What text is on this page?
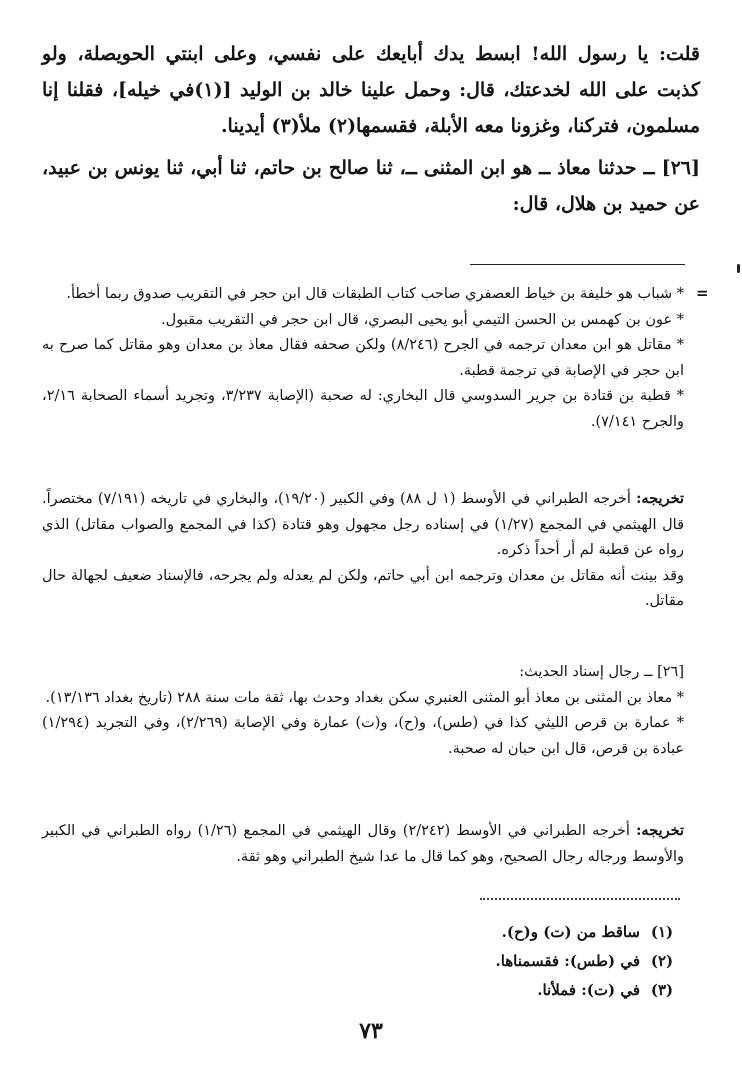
قلت: يا رسول الله! ابسط يدك أبايعك على نفسي، وعلى ابنتي الحويصلة، ولو كذبت على الله لخدعتك، قال: وحمل علينا خالد بن الوليد [(١)في خيله]، فقلنا إنا مسلمون، فتركنا، وغزونا معه الأبلة، فقسمها(٢) ملأ(٣) أيدينا.

[٢٦] ــ حدثنا معاذ ــ هو ابن المثنى ــ، ثنا صالح بن حاتم، ثنا أبي، ثنا يونس بن عبيد، عن حميد بن هلال، قال:

=

* شباب هو خليفة بن خياط العصفري صاحب كتاب الطبقات قال ابن حجر في التقريب صدوق ربما أخطأ.

* عون بن كهمس بن الحسن التيمي أبو يحيى البصري، قال ابن حجر في التقريب مقبول.

* مقاتل هو ابن معدان ترجمه في الجرح (٨/٢٤٦) ولكن صحفه فقال معاذ بن معدان وهو مقاتل كما صرح به ابن حجر في الإصابة في ترجمة قطبة.

* قطبة بن قتادة بن جرير السدوسي قال البخاري: له صحبة (الإصابة ٣/٢٣٧، وتجريد أسماء الصحابة ٢/١٦، والجرح ٧/١٤١).

تخريجه: أخرجه الطبراني في الأوسط (١ ل ٨٨) وفي الكبير (١٩/٢٠)، والبخاري في تاريخه (٧/١٩١) مختصراً. قال الهيثمي في المجمع (١/٢٧) في إسناده رجل مجهول وهو قتادة (كذا في المجمع والصواب مقاتل) الذي رواه عن قطبة لم أر أحداً ذكره.

وقد بينت أنه مقاتل بن معدان وترجمه ابن أبي حاتم، ولكن لم يعدله ولم يجرحه، فالإسناد ضعيف لجهالة حال مقاتل.

[٢٦] ــ رجال إسناد الحديث:

* معاذ بن المثنى بن معاذ أبو المثنى العنبري سكن بغداد وحدث بها، ثقة مات سنة ٢٨٨ (تاريخ بغداد ١٣/١٣٦).

* عمارة بن قرص الليثي كذا في (طس)، و(ح)، و(ت) عمارة وفي الإصابة (٢/٢٦٩)، وفي التجريد (١/٢٩٤) عبادة بن قرص، قال ابن حبان له صحبة.

تخريجه: أخرجه الطبراني في الأوسط (٢/٢٤٢) وقال الهيثمي في المجمع (١/٢٦) رواه الطبراني في الكبير والأوسط ورجاله رجال الصحيح، وهو كما قال ما عدا شيخ الطبراني وهو ثقة.

(١)
ساقط من (ت) و(ح).
(٢)
في (طس): فقسمناها.
(٣)
في (ت): فملأنا.
٧٣
